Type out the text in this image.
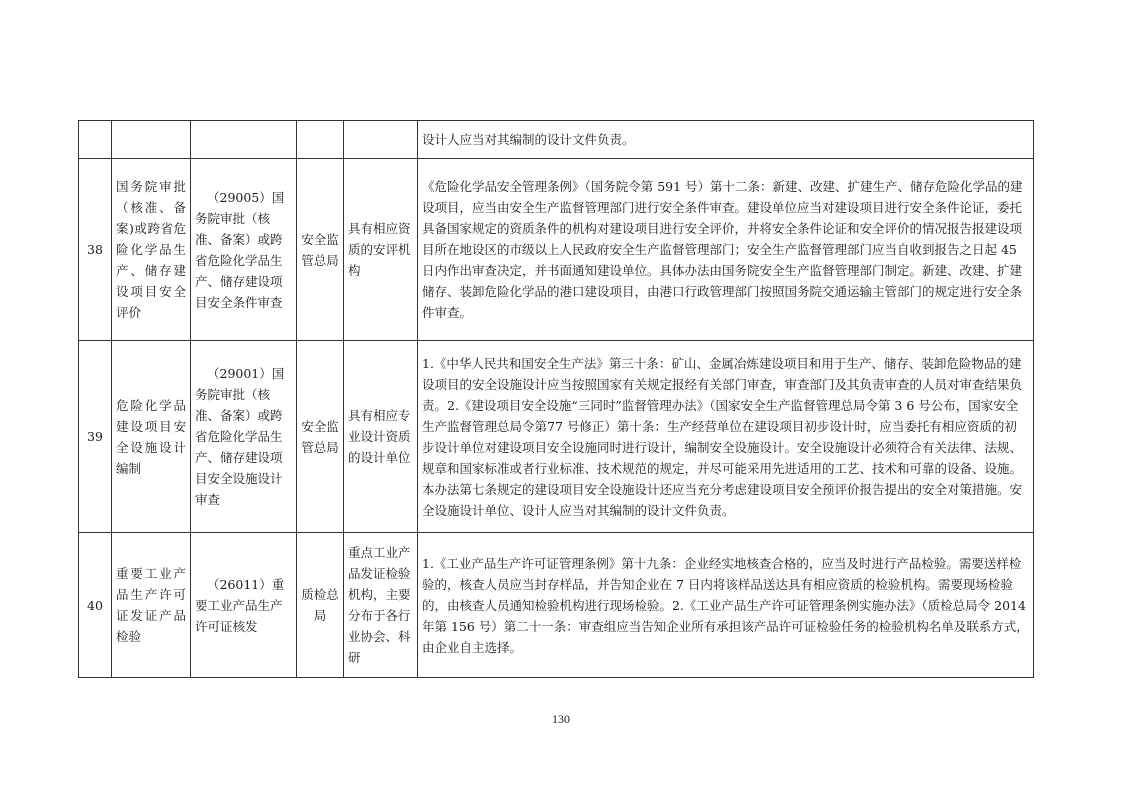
					设计人应当对其编制的设计文件负责。
38	国务院审批（核准、备案)或跨省危险化学品生产、储存建设项目安全评价	（29005）国务院审批（核准、备案）或跨省危险化学品生产、储存建设项目安全条件审查	安全监管总局	具有相应资质的安评机构	《危险化学品安全管理条例》（国务院令第 591 号）第十二条：新建、改建、扩建生产、储存危险化学品的建设项目，应当由安全生产监督管理部门进行安全条件审查。建设单位应当对建设项目进行安全条件论证，委托具备国家规定的资质条件的机构对建设项目进行安全评价，并将安全条件论证和安全评价的情况报告报建设项目所在地设区的市级以上人民政府安全生产监督管理部门；安全生产监督管理部门应当自收到报告之日起 45 日内作出审查决定，并书面通知建设单位。具体办法由国务院安全生产监督管理部门制定。新建、改建、扩建储存、装卸危险化学品的港口建设项目，由港口行政管理部门按照国务院交通运输主管部门的规定进行安全条件审查。
39	危险化学品建设项目安全设施设计编制	（29001）国务院审批（核准、备案）或跨省危险化学品生产、储存建设项目安全设施设计审查	安全监管总局	具有相应专业设计资质的设计单位	1.《中华人民共和国安全生产法》第三十条：矿山、金属冶炼建设项目和用于生产、储存、装卸危险物品的建设项目的安全设施设计应当按照国家有关规定报经有关部门审查，审查部门及其负责审查的人员对审查结果负责。2.《建设项目安全设施“三同时”监督管理办法》（国家安全生产监督管理总局令第 3 6 号公布，国家安全生产监督管理总局令第77 号修正）第十条：生产经营单位在建设项目初步设计时，应当委托有相应资质的初步设计单位对建设项目安全设施同时进行设计，编制安全设施设计。安全设施设计必须符合有关法律、法规、规章和国家标准或者行业标准、技术规范的规定，并尽可能采用先进适用的工艺、技术和可靠的设备、设施。本办法第七条规定的建设项目安全设施设计还应当充分考虑建设项目安全预评价报告提出的安全对策措施。安全设施设计单位、设计人应当对其编制的设计文件负责。
40	重要工业产品生产许可证发证产品检验	（26011）重要工业产品生产许可证核发	质检总局	重点工业产品发证检验机构，主要分布于各行业协会、科研	1.《工业产品生产许可证管理条例》第十九条：企业经实地核查合格的，应当及时进行产品检验。需要送样检验的，核查人员应当封存样品，并告知企业在 7 日内将该样品送达具有相应资质的检验机构。需要现场检验的，由核查人员通知检验机构进行现场检验。2.《工业产品生产许可证管理条例实施办法》（质检总局令 2014 年第 156 号）第二十一条：审查组应当告知企业所有承担该产品许可证检验任务的检验机构名单及联系方式，由企业自主选择。
130
